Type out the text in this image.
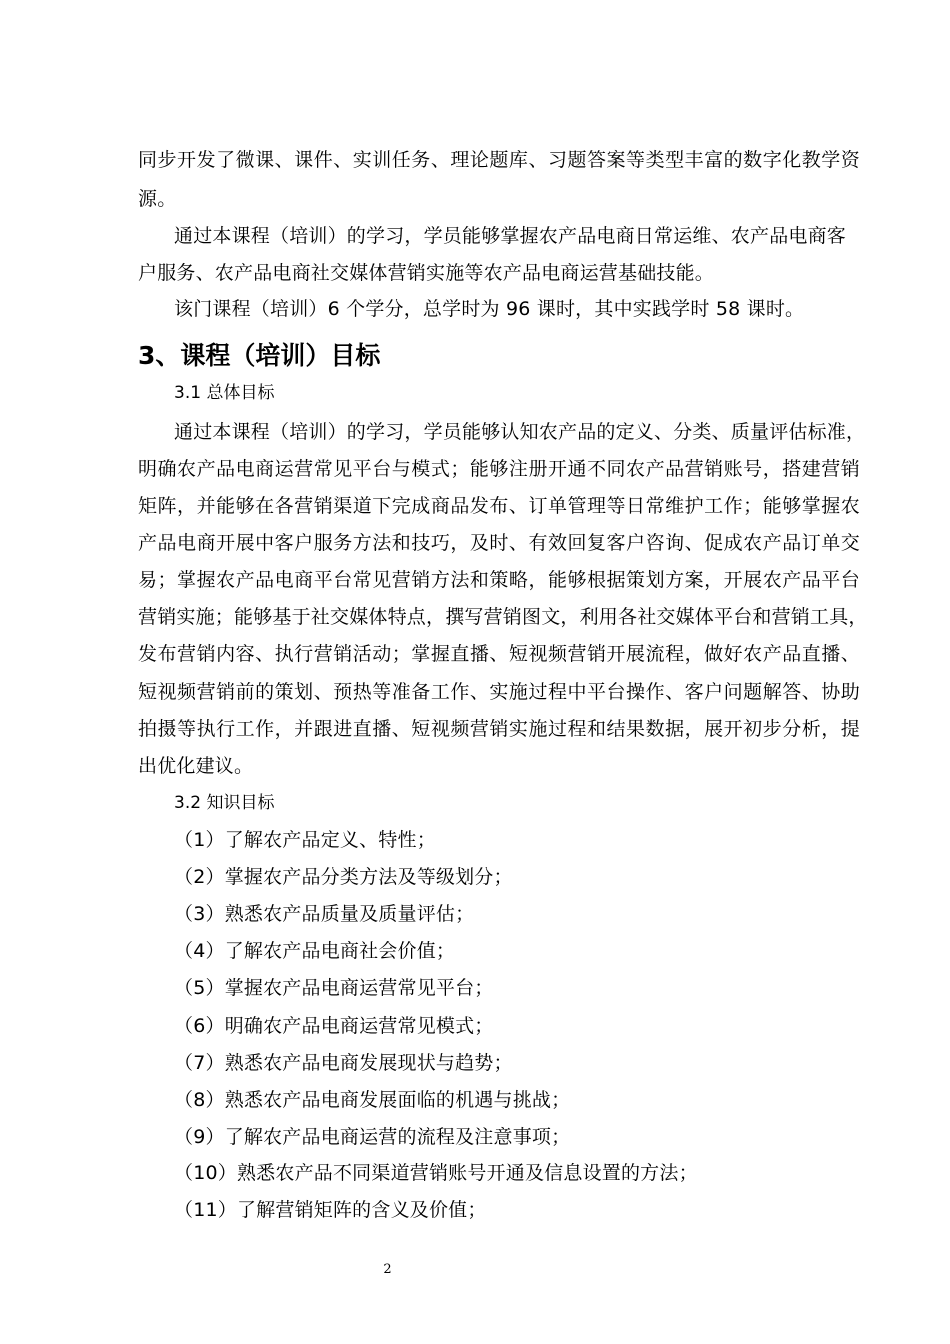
同步开发了微课、课件、实训任务、理论题库、习题答案等类型丰富的数字化教学资
源。
通过本课程（培训）的学习，学员能够掌握农产品电商日常运维、农产品电商客
户服务、农产品电商社交媒体营销实施等农产品电商运营基础技能。
该门课程（培训）6 个学分，总学时为 96 课时，其中实践学时 58 课时。
3、课程（培训）目标
3.1 总体目标
通过本课程（培训）的学习，学员能够认知农产品的定义、分类、质量评估标准，
明确农产品电商运营常见平台与模式；能够注册开通不同农产品营销账号，搭建营销
矩阵，并能够在各营销渠道下完成商品发布、订单管理等日常维护工作；能够掌握农
产品电商开展中客户服务方法和技巧，及时、有效回复客户咨询、促成农产品订单交
易；掌握农产品电商平台常见营销方法和策略，能够根据策划方案，开展农产品平台
营销实施；能够基于社交媒体特点，撰写营销图文，利用各社交媒体平台和营销工具，
发布营销内容、执行营销活动；掌握直播、短视频营销开展流程，做好农产品直播、
短视频营销前的策划、预热等准备工作、实施过程中平台操作、客户问题解答、协助
拍摄等执行工作，并跟进直播、短视频营销实施过程和结果数据，展开初步分析，提
出优化建议。
3.2 知识目标
（1）了解农产品定义、特性；
（2）掌握农产品分类方法及等级划分；
（3）熟悉农产品质量及质量评估；
（4）了解农产品电商社会价值；
（5）掌握农产品电商运营常见平台；
（6）明确农产品电商运营常见模式；
（7）熟悉农产品电商发展现状与趋势；
（8）熟悉农产品电商发展面临的机遇与挑战；
（9）了解农产品电商运营的流程及注意事项；
（10）熟悉农产品不同渠道营销账号开通及信息设置的方法；
（11）了解营销矩阵的含义及价值；
2
